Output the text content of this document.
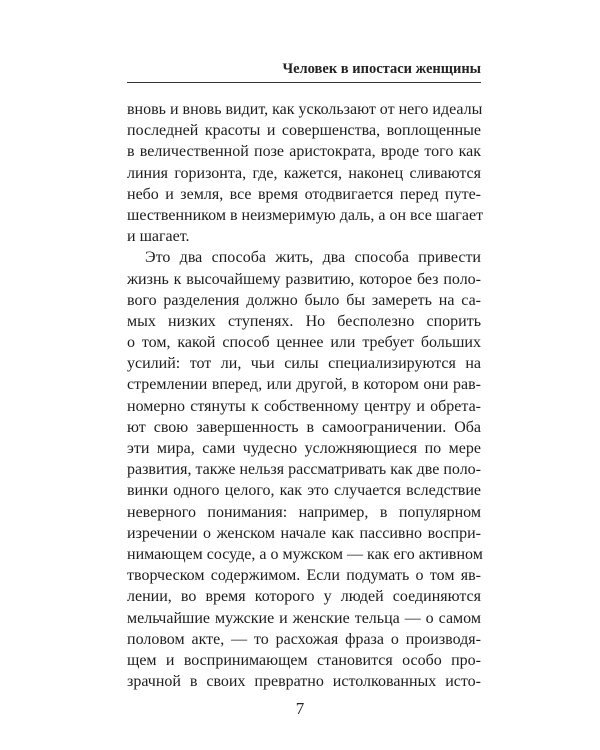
Человек в ипостаси женщины
вновь и вновь видит, как ускользают от него идеалы
последней красоты и совершенства, воплощенные
в величественной позе аристократа, вроде того как
линия горизонта, где, кажется, наконец сливаются
небо и земля, все время отодвигается перед путе-
шественником в неизмеримую даль, а он все шагает
и шагает.
Это два способа жить, два способа привести
жизнь к высочайшему развитию, которое без поло-
вого разделения должно было бы замереть на са-
мых низких ступенях. Но бесполезно спорить
о том, какой способ ценнее или требует больших
усилий: тот ли, чьи силы специализируются на
стремлении вперед, или другой, в котором они рав-
номерно стянуты к собственному центру и обрета-
ют свою завершенность в самоограничении. Оба
эти мира, сами чудесно усложняющиеся по мере
развития, также нельзя рассматривать как две поло-
винки одного целого, как это случается вследствие
неверного понимания: например, в популярном
изречении о женском начале как пассивно воспри-
нимающем сосуде, а о мужском — как его активном
творческом содержимом. Если подумать о том яв-
лении, во время которого у людей соединяются
мельчайшие мужские и женские тельца — о самом
половом акте, — то расхожая фраза о производя-
щем и воспринимающем становится особо про-
зрачной в своих превратно истолкованных исто-
7
